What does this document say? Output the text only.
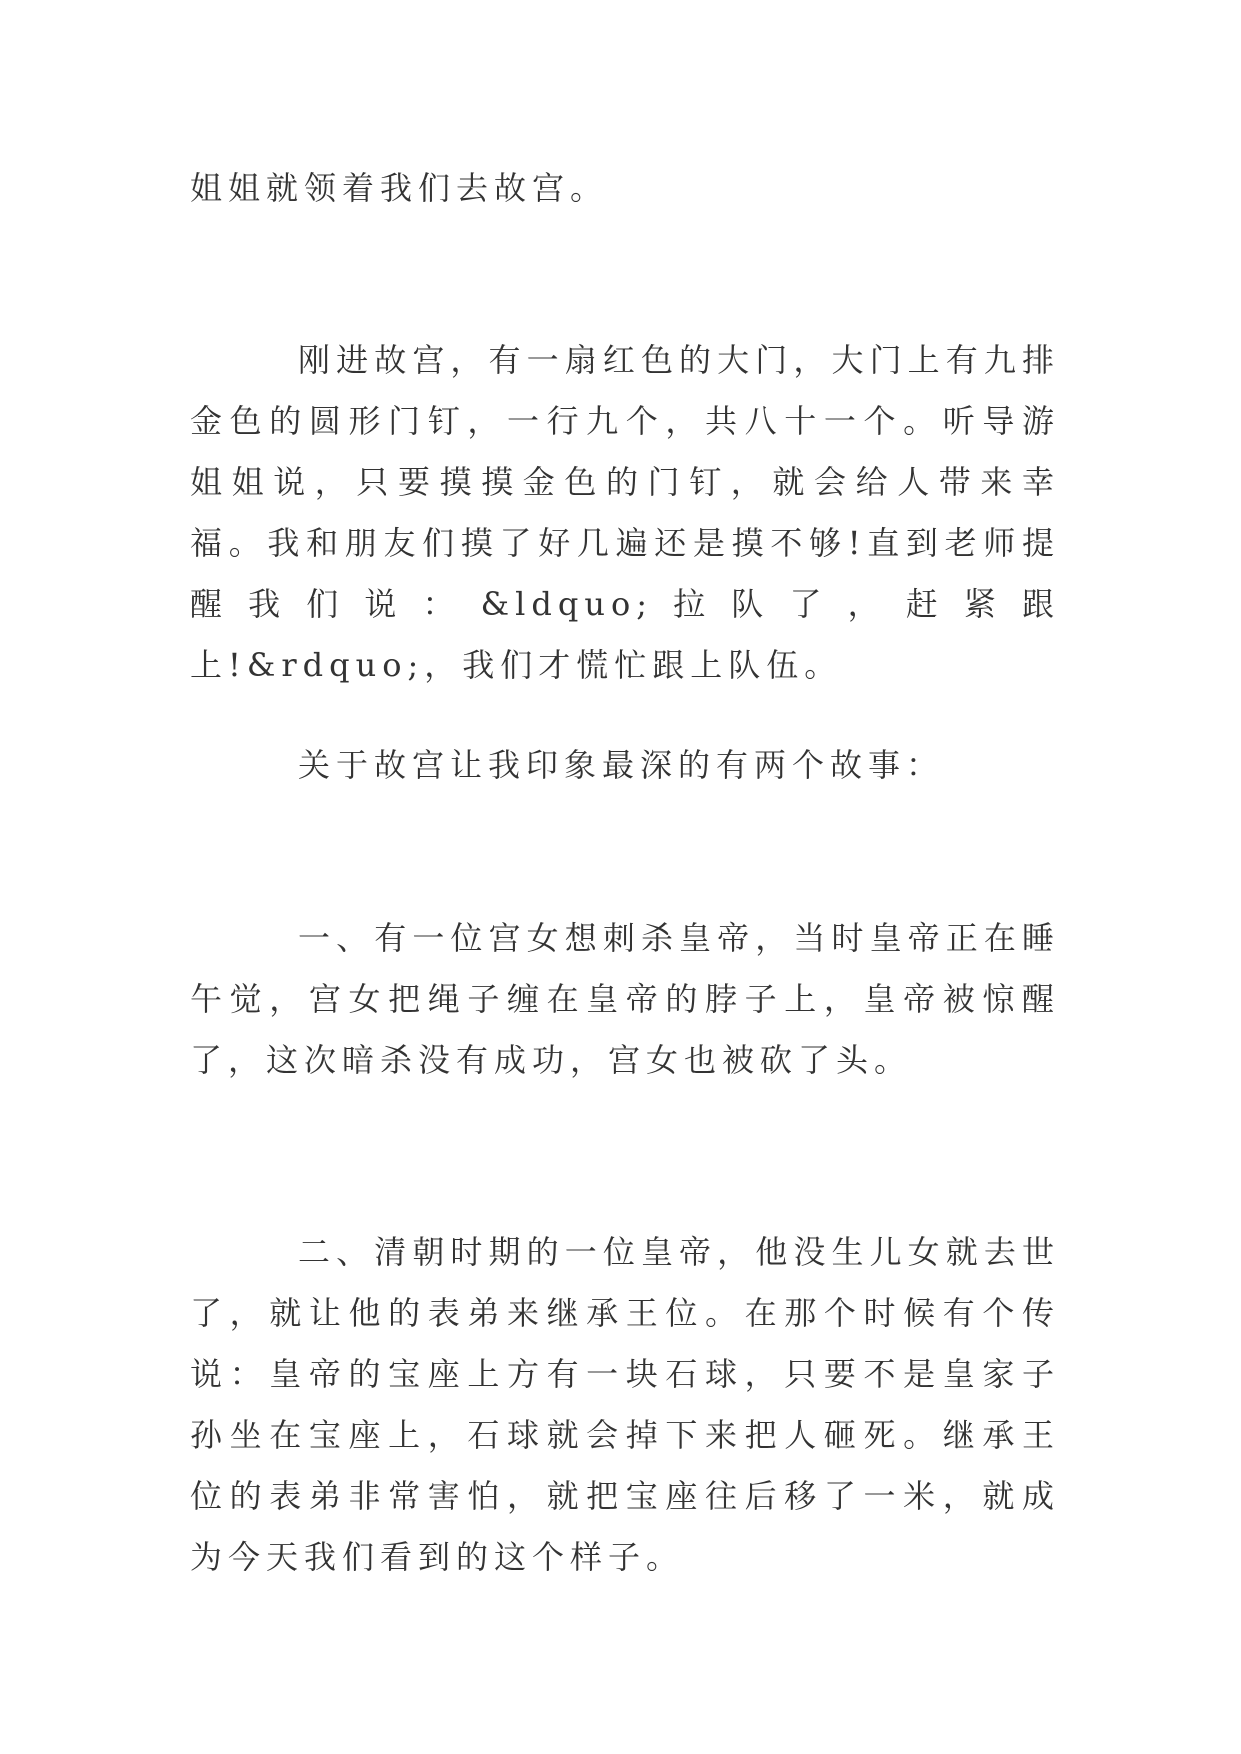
姐姐就领着我们去故宫。

刚进故宫，有一扇红色的大门，大门上有九排金色的圆形门钉，一行九个，共八十一个。听导游姐姐说，只要摸摸金色的门钉，就会给人带来幸福。我和朋友们摸了好几遍还是摸不够!直到老师提醒我们说：&ldquo;拉队了，赶紧跟上!&rdquo;，我们才慌忙跟上队伍。

关于故宫让我印象最深的有两个故事：

一、有一位宫女想刺杀皇帝，当时皇帝正在睡午觉，宫女把绳子缠在皇帝的脖子上，皇帝被惊醒了，这次暗杀没有成功，宫女也被砍了头。

二、清朝时期的一位皇帝，他没生儿女就去世了，就让他的表弟来继承王位。在那个时候有个传说：皇帝的宝座上方有一块石球，只要不是皇家子孙坐在宝座上，石球就会掉下来把人砸死。继承王位的表弟非常害怕，就把宝座往后移了一米，就成为今天我们看到的这个样子。
